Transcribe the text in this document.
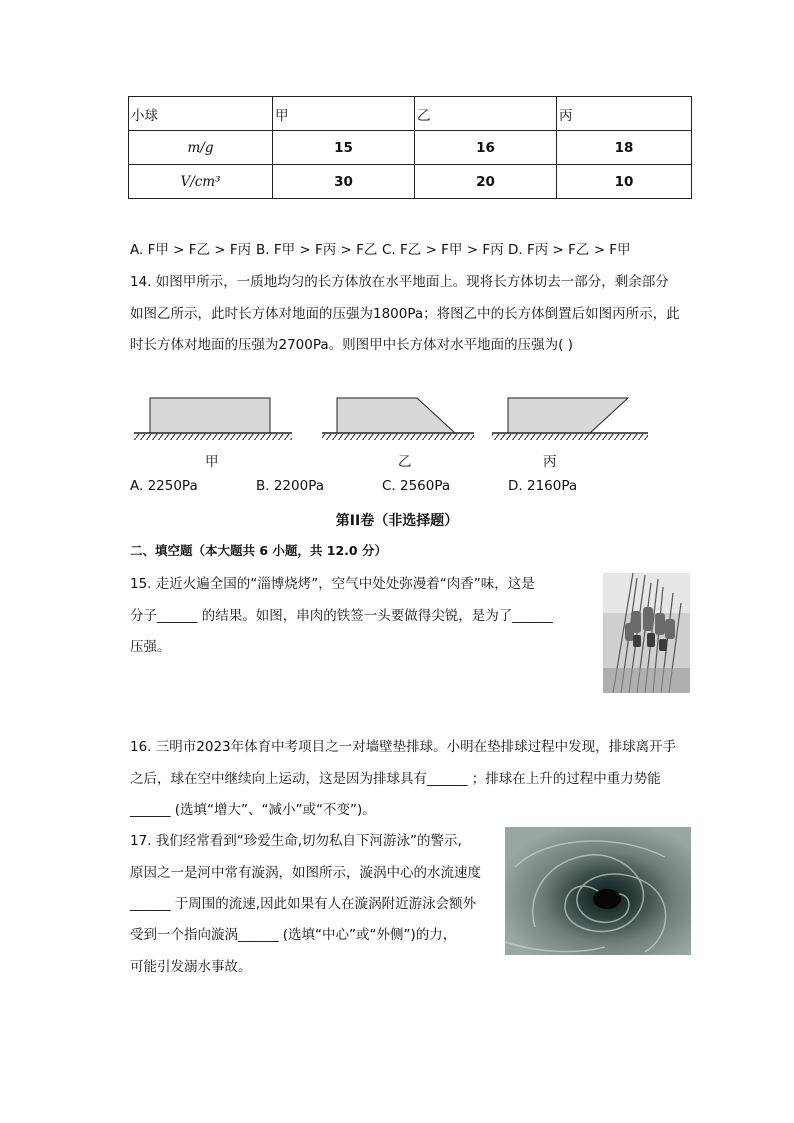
小球	甲	乙	丙
m/g	15	16	18
V/cm³	30	20	10
A. F甲 > F乙 > F丙 B. F甲 > F丙 > F乙 C. F乙 > F甲 > F丙 D. F丙 > F乙 > F甲
14. 如图甲所示，一质地均匀的长方体放在水平地面上。现将长方体切去一部分，剩余部分
如图乙所示，此时长方体对地面的压强为1800Pa；将图乙中的长方体倒置后如图丙所示，此
时长方体对地面的压强为2700Pa。则图甲中长方体对水平地面的压强为( )
甲	乙	丙
A. 2250Pa	B. 2200Pa	C. 2560Pa	D. 2160Pa
第II卷（非选择题）
二、填空题（本大题共 6 小题，共 12.0 分）
15. 走近火遍全国的“淄博烧烤”，空气中处处弥漫着“肉香”味，这是
分子______ 的结果。如图，串肉的铁签一头要做得尖锐，是为了______
压强。
16. 三明市2023年体育中考项目之一对墙壁垫排球。小明在垫排球过程中发现，排球离开手
之后，球在空中继续向上运动，这是因为排球具有______ ；排球在上升的过程中重力势能
______ (选填“增大”、“减小”或“不变”)。
17. 我们经常看到“珍爱生命,切勿私自下河游泳”的警示,
原因之一是河中常有漩涡，如图所示，漩涡中心的水流速度
______ 于周围的流速,因此如果有人在漩涡附近游泳会额外
受到一个指向漩涡______ (选填“中心”或“外侧”)的力，
可能引发溺水事故。
